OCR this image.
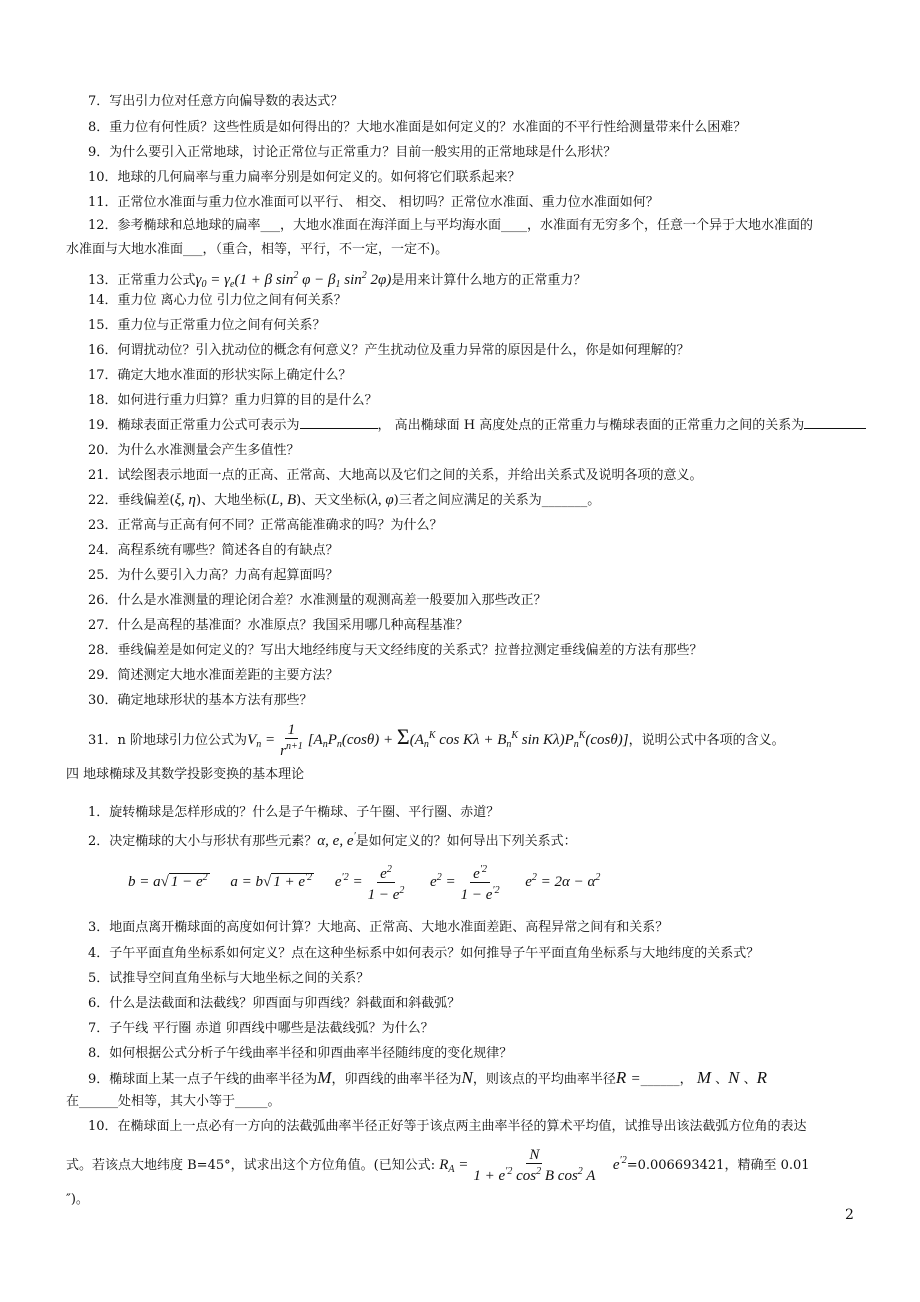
7．写出引力位对任意方向偏导数的表达式？
8．重力位有何性质？这些性质是如何得出的？大地水准面是如何定义的？水准面的不平行性给测量带来什么困难？
9．为什么要引入正常地球，讨论正常位与正常重力？目前一般实用的正常地球是什么形状？
10．地球的几何扁率与重力扁率分别是如何定义的。如何将它们联系起来？
11．正常位水准面与重力位水准面可以平行、 相交、 相切吗？正常位水准面、重力位水准面如何？
12．参考椭球和总地球的扁率___，大地水准面在海洋面上与平均海水面____，水准面有无穷多个，任意一个异于大地水准面的
水准面与大地水准面___，（重合，相等，平行，不一定，一定不)。
13．正常重力公式$\gamma_0 = \gamma_e(1 + \beta$ $\sin^2 \varphi - \beta_1$ $\sin^2 2\varphi$)是用来计算什么地方的正常重力？
14．重力位 离心力位 引力位之间有何关系？
15．重力位与正常重力位之间有何关系？
16．何谓扰动位？引入扰动位的概念有何意义？产生扰动位及重力异常的原因是什么，你是如何理解的？
17．确定大地水准面的形状实际上确定什么？
18．如何进行重力归算？重力归算的目的是什么？
19．椭球表面正常重力公式可表示为	， 高出椭球面 H 高度处点的正常重力与椭球表面的正常重力之间的关系为
20．为什么水准测量会产生多值性？
21．试绘图表示地面一点的正高、正常高、大地高以及它们之间的关系，并给出关系式及说明各项的意义。
22．垂线偏差(ξ, η)、大地坐标(L, B)、天文坐标(λ, φ)三者之间应满足的关系为_______。
23．正常高与正高有何不同？正常高能准确求的吗？为什么？
24．高程系统有哪些？简述各自的有缺点？
25．为什么要引入力高？力高有起算面吗？
26．什么是水准测量的理论闭合差？水准测量的观测高差一般要加入那些改正？
27．什么是高程的基准面？水准原点？我国采用哪几种高程基准？
28．垂线偏差是如何定义的？写出大地经纬度与天文经纬度的关系式？拉普拉测定垂线偏差的方法有那些？
29．简述测定大地水准面差距的主要方法？
30．确定地球形状的基本方法有那些？
31．n 阶地球引力位公式为$V_n = \frac{1}{r^{n+1}} [A_nP_n(\cos\theta) + \Sigma(A_n^K$ $\cos K\lambda + B_n^K$ $\sin K\lambda)P_n^K(\cos\theta)$]，说明公式中各项的含义。
四 地球椭球及其数学投影变换的基本理论
1．旋转椭球是怎样形成的？什么是子午椭球、子午圈、平行圈、赤道？
2．决定椭球的大小与形状有那些元素？α, e, e′是如何定义的？如何导出下列关系式：
b = a√ $1 - e^2$ a = b√ $1 + e^{'2}$ $e^{'2} = \frac{e^2}{1 - e^2} e^2 = \frac{e^{'2}}{1 - e^{'2}} e^2 = 2\alpha - \alpha^2$
3．地面点离开椭球面的高度如何计算？大地高、正常高、大地水准面差距、高程异常之间有和关系？
4．子午平面直角坐标系如何定义？点在这种坐标系中如何表示？如何推导子午平面直角坐标系与大地纬度的关系式？
5．试推导空间直角坐标与大地坐标之间的关系？
6．什么是法截面和法截线？卯酉面与卯酉线？斜截面和斜截弧？
7．子午线 平行圈 赤道 卯酉线中哪些是法截线弧？为什么？
8．如何根据公式分析子午线曲率半径和卯酉曲率半径随纬度的变化规律？
9．椭球面上某一点子午线的曲率半径为M，卯酉线的曲率半径为N，则该点的平均曲率半径R =______， M 、N 、R
在______处相等，其大小等于_____。
10．在椭球面上一点必有一方向的法截弧曲率半径正好等于该点两主曲率半径的算术平均值，试推导出该法截弧方位角的表达
式。若该点大地纬度 B=45°，试求出这个方位角值。(已知公式: $R_A = \frac{N}{1 + e^{'2} \cos^2 B \cos^2 A} e^{'2}=0.006693421$，精确至 0.01
″)。
2
